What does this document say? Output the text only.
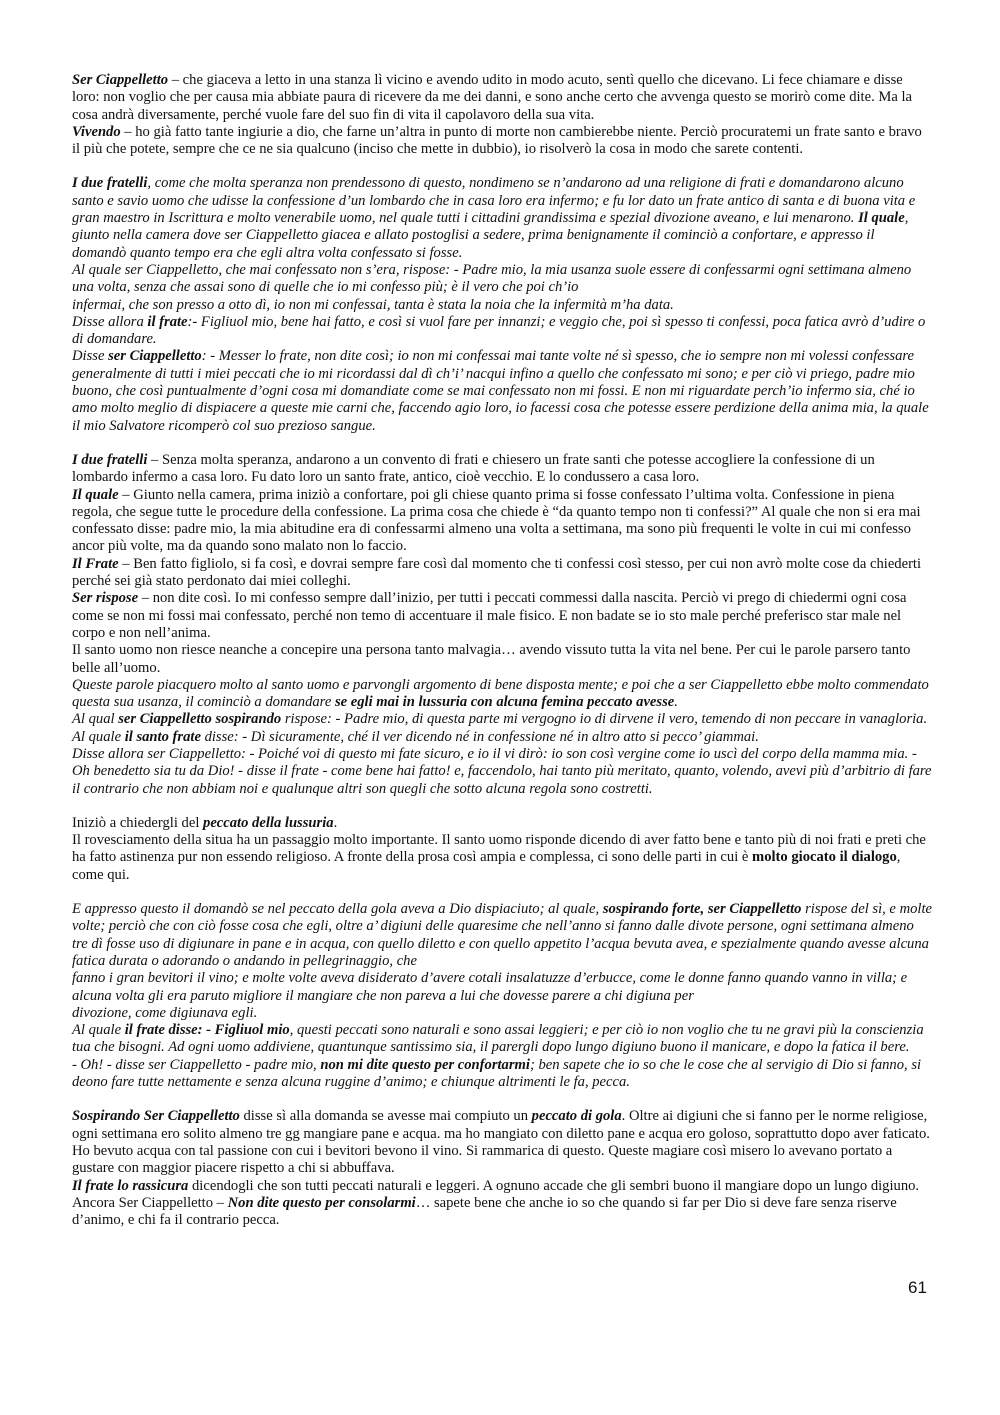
Ser Ciappelletto – che giaceva a letto in una stanza lì vicino e avendo udito in modo acuto, sentì quello che dicevano. Li fece chiamare e disse loro: non voglio che per causa mia abbiate paura di ricevere da me dei danni, e sono anche certo che avvenga questo se morirò come dite. Ma la cosa andrà diversamente, perché vuole fare del suo fin di vita il capolavoro della sua vita.

Vivendo – ho già fatto tante ingiurie a dio, che farne un’altra in punto di morte non cambierebbe niente. Perciò procuratemi un frate santo e bravo il più che potete, sempre che ce ne sia qualcuno (inciso che mette in dubbio), io risolverò la cosa in modo che sarete contenti.

I due fratelli, come che molta speranza non prendessono di questo, nondimeno se n’andarono ad una religione di frati e domandarono alcuno santo e savio uomo che udisse la confessione d’un lombardo che in casa loro era infermo; e fu lor dato un frate antico di santa e di buona vita e gran maestro in Iscrittura e molto venerabile uomo, nel quale tutti i cittadini grandissima e spezial divozione aveano, e lui menarono. Il quale, giunto nella camera dove ser Ciappelletto giacea e allato postoglisi a sedere, prima benignamente il cominciò a confortare, e appresso il domandò quanto tempo era che egli altra volta confessato si fosse.

Al quale ser Ciappelletto, che mai confessato non s’era, rispose: - Padre mio, la mia usanza suole essere di confessarmi ogni settimana almeno una volta, senza che assai sono di quelle che io mi confesso più; è il vero che poi ch’io

infermai, che son presso a otto dì, io non mi confessai, tanta è stata la noia che la infermità m’ha data.

Disse allora il frate:- Figliuol mio, bene hai fatto, e così si vuol fare per innanzi; e veggio che, poi sì spesso ti confessi, poca fatica avrò d’udire o di domandare.

Disse ser Ciappelletto: - Messer lo frate, non dite così; io non mi confessai mai tante volte né sì spesso, che io sempre non mi volessi confessare generalmente di tutti i miei peccati che io mi ricordassi dal dì ch’i’ nacqui infino a quello che confessato mi sono; e per ciò vi priego, padre mio buono, che così puntualmente d’ogni cosa mi domandiate come se mai confessato non mi fossi. E non mi riguardate perch’io infermo sia, ché io amo molto meglio di dispiacere a queste mie carni che, faccendo agio loro, io facessi cosa che potesse essere perdizione della anima mia, la quale il mio Salvatore ricomperò col suo prezioso sangue.

I due fratelli – Senza molta speranza, andarono a un convento di frati e chiesero un frate santi che potesse accogliere la confessione di un lombardo infermo a casa loro. Fu dato loro un santo frate, antico, cioè vecchio. E lo condussero a casa loro.

Il quale – Giunto nella camera, prima iniziò a confortare, poi gli chiese quanto prima si fosse confessato l’ultima volta. Confessione in piena regola, che segue tutte le procedure della confessione. La prima cosa che chiede è “da quanto tempo non ti confessi?” Al quale che non si era mai confessato disse: padre mio, la mia abitudine era di confessarmi almeno una volta a settimana, ma sono più frequenti le volte in cui mi confesso ancor più volte, ma da quando sono malato non lo faccio.

Il Frate – Ben fatto figliolo, si fa così, e dovrai sempre fare così dal momento che ti confessi così stesso, per cui non avrò molte cose da chiederti perché sei già stato perdonato dai miei colleghi.

Ser rispose – non dite così. Io mi confesso sempre dall’inizio, per tutti i peccati commessi dalla nascita. Perciò vi prego di chiedermi ogni cosa come se non mi fossi mai confessato, perché non temo di accentuare il male fisico. E non badate se io sto male perché preferisco star male nel corpo e non nell’anima.

Il santo uomo non riesce neanche a concepire una persona tanto malvagia… avendo vissuto tutta la vita nel bene. Per cui le parole parsero tanto belle all’uomo.

Queste parole piacquero molto al santo uomo e parvongli argomento di bene disposta mente; e poi che a ser Ciappelletto ebbe molto commendato questa sua usanza, il cominciò a domandare se egli mai in lussuria con alcuna femina peccato avesse.

Al qual ser Ciappelletto sospirando rispose: - Padre mio, di questa parte mi vergogno io di dirvene il vero, temendo di non peccare in vanagloria.

Al quale il santo frate disse: - Dì sicuramente, ché il ver dicendo né in confessione né in altro atto si pecco’ giammai.

Disse allora ser Ciappelletto: - Poiché voi di questo mi fate sicuro, e io il vi dirò: io son così vergine come io uscì del corpo della mamma mia. - Oh benedetto sia tu da Dio! - disse il frate - come bene hai fatto! e, faccendolo, hai tanto più meritato, quanto, volendo, avevi più d’arbitrio di fare il contrario che non abbiam noi e qualunque altri son quegli che sotto alcuna regola sono costretti.

Iniziò a chiedergli del peccato della lussuria.

Il rovesciamento della situa ha un passaggio molto importante. Il santo uomo risponde dicendo di aver fatto bene e tanto più di noi frati e preti che ha fatto astinenza pur non essendo religioso. A fronte della prosa così ampia e complessa, ci sono delle parti in cui è molto giocato il dialogo, come qui.

E appresso questo il domandò se nel peccato della gola aveva a Dio dispiaciuto; al quale, sospirando forte, ser Ciappelletto rispose del sì, e molte volte; perciò che con ciò fosse cosa che egli, oltre a’ digiuni delle quaresime che nell’anno si fanno dalle divote persone, ogni settimana almeno tre dì fosse uso di digiunare in pane e in acqua, con quello diletto e con quello appetito l’acqua bevuta avea, e spezialmente quando avesse alcuna fatica durata o adorando o andando in pellegrinaggio, che

fanno i gran bevitori il vino; e molte volte aveva disiderato d’avere cotali insalatuzze d’erbucce, come le donne fanno quando vanno in villa; e alcuna volta gli era paruto migliore il mangiare che non pareva a lui che dovesse parere a chi digiuna per

divozione, come digiunava egli.

Al quale il frate disse: - Figliuol mio, questi peccati sono naturali e sono assai leggieri; e per ciò io non voglio che tu ne gravi più la conscienzia tua che bisogni. Ad ogni uomo addiviene, quantunque santissimo sia, il parergli dopo lungo digiuno buono il manicare, e dopo la fatica il bere.

- Oh! - disse ser Ciappelletto - padre mio, non mi dite questo per confortarmi; ben sapete che io so che le cose che al servigio di Dio si fanno, si deono fare tutte nettamente e senza alcuna ruggine d’animo; e chiunque altrimenti le fa, pecca.

Sospirando Ser Ciappelletto disse sì alla domanda se avesse mai compiuto un peccato di gola. Oltre ai digiuni che si fanno per le norme religiose, ogni settimana ero solito almeno tre gg mangiare pane e acqua. ma ho mangiato con diletto pane e acqua ero goloso, soprattutto dopo aver faticato. Ho bevuto acqua con tal passione con cui i bevitori bevono il vino. Si rammarica di questo. Queste magiare così misero lo avevano portato a gustare con maggior piacere rispetto a chi si abbuffava.

Il frate lo rassicura dicendogli che son tutti peccati naturali e leggeri. A ognuno accade che gli sembri buono il mangiare dopo un lungo digiuno.

Ancora Ser Ciappelletto – Non dite questo per consolarmi… sapete bene che anche io so che quando si far per Dio si deve fare senza riserve d’animo, e chi fa il contrario pecca.

61
